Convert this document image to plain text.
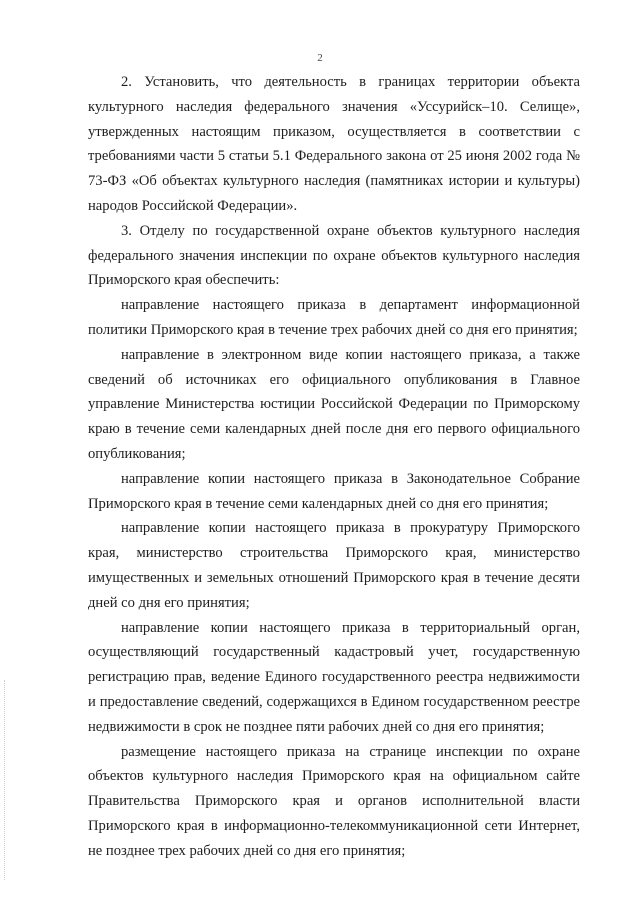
2

2. Установить, что деятельность в границах территории объекта культурного наследия федерального значения «Уссурийск–10. Селище», утвержденных настоящим приказом, осуществляется в соответствии с требованиями части 5 статьи 5.1 Федерального закона от 25 июня 2002 года № 73-ФЗ «Об объектах культурного наследия (памятниках истории и культуры) народов Российской Федерации».

3. Отделу по государственной охране объектов культурного наследия федерального значения инспекции по охране объектов культурного наследия Приморского края обеспечить:

направление настоящего приказа в департамент информационной политики Приморского края в течение трех рабочих дней со дня его принятия;

направление в электронном виде копии настоящего приказа, а также сведений об источниках его официального опубликования в Главное управление Министерства юстиции Российской Федерации по Приморскому краю в течение семи календарных дней после дня его первого официального опубликования;

направление копии настоящего приказа в Законодательное Собрание Приморского края в течение семи календарных дней со дня его принятия;

направление копии настоящего приказа в прокуратуру Приморского края, министерство строительства Приморского края, министерство имущественных и земельных отношений Приморского края в течение десяти дней со дня его принятия;

направление копии настоящего приказа в территориальный орган, осуществляющий государственный кадастровый учет, государственную регистрацию прав, ведение Единого государственного реестра недвижимости и предоставление сведений, содержащихся в Едином государственном реестре недвижимости в срок не позднее пяти рабочих дней со дня его принятия;

размещение настоящего приказа на странице инспекции по охране объектов культурного наследия Приморского края на официальном сайте Правительства Приморского края и органов исполнительной власти Приморского края в информационно-телекоммуникационной сети Интернет, не позднее трех рабочих дней со дня его принятия;
